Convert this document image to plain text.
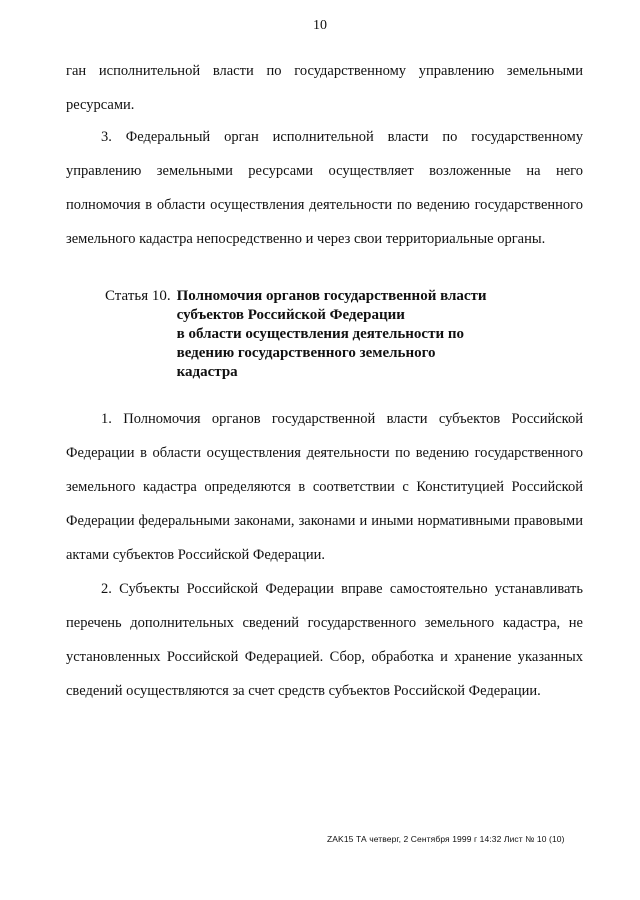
10
ган исполнительной власти по государственному управлению земельными ресурсами.
3. Федеральный орган исполнительной власти по государственному управлению земельными ресурсами осуществляет возложенные на него полномочия в области осуществления деятельности по ведению государственного земельного кадастра непосредственно и через свои территориальные органы.
Статья 10. Полномочия органов государственной власти
субъектов Российской Федерации
в области осуществления деятельности по
ведению государственного земельного
кадастра
1. Полномочия органов государственной власти субъектов Российской Федерации в области осуществления деятельности по ведению государственного земельного кадастра определяются в соответствии с Конституцией Российской Федерации федеральными законами, законами и иными нормативными правовыми актами субъектов Российской Федерации.
2. Субъекты Российской Федерации вправе самостоятельно устанавливать перечень дополнительных сведений государственного земельного кадастра, не установленных Российской Федерацией. Сбор, обработка и хранение указанных сведений осуществляются за счет средств субъектов Российской Федерации.
ZAK15 ТА четверг, 2 Сентября 1999 г 14:32 Лист № 10 (10)
